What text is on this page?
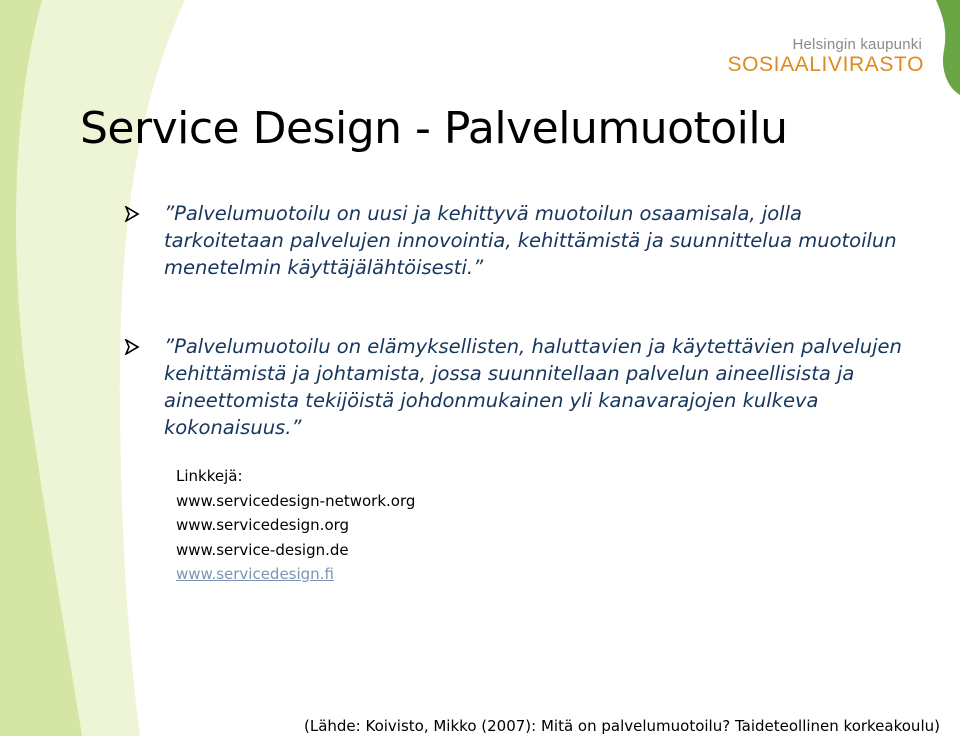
Helsingin kaupunki
SOSIAALIVIRASTO
Service Design - Palvelumuotoilu
”Palvelumuotoilu on uusi ja kehittyvä muotoilun osaamisala, jolla tarkoitetaan palvelujen innovointia, kehittämistä ja suunnittelua muotoilun menetelmin käyttäjälähtöisesti.”
”Palvelumuotoilu on elämyksellisten, haluttavien ja käytettävien palvelujen kehittämistä ja johtamista, jossa suunnitellaan palvelun aineellisista ja aineettomista tekijöistä johdonmukainen yli kanavarajojen kulkeva kokonaisuus.”
Linkkejä:
www.servicedesign-network.org
www.servicedesign.org
www.service-design.de
www.servicedesign.fi
(Lähde: Koivisto, Mikko (2007): Mitä on palvelumuotoilu? Taideteollinen korkeakoulu)
